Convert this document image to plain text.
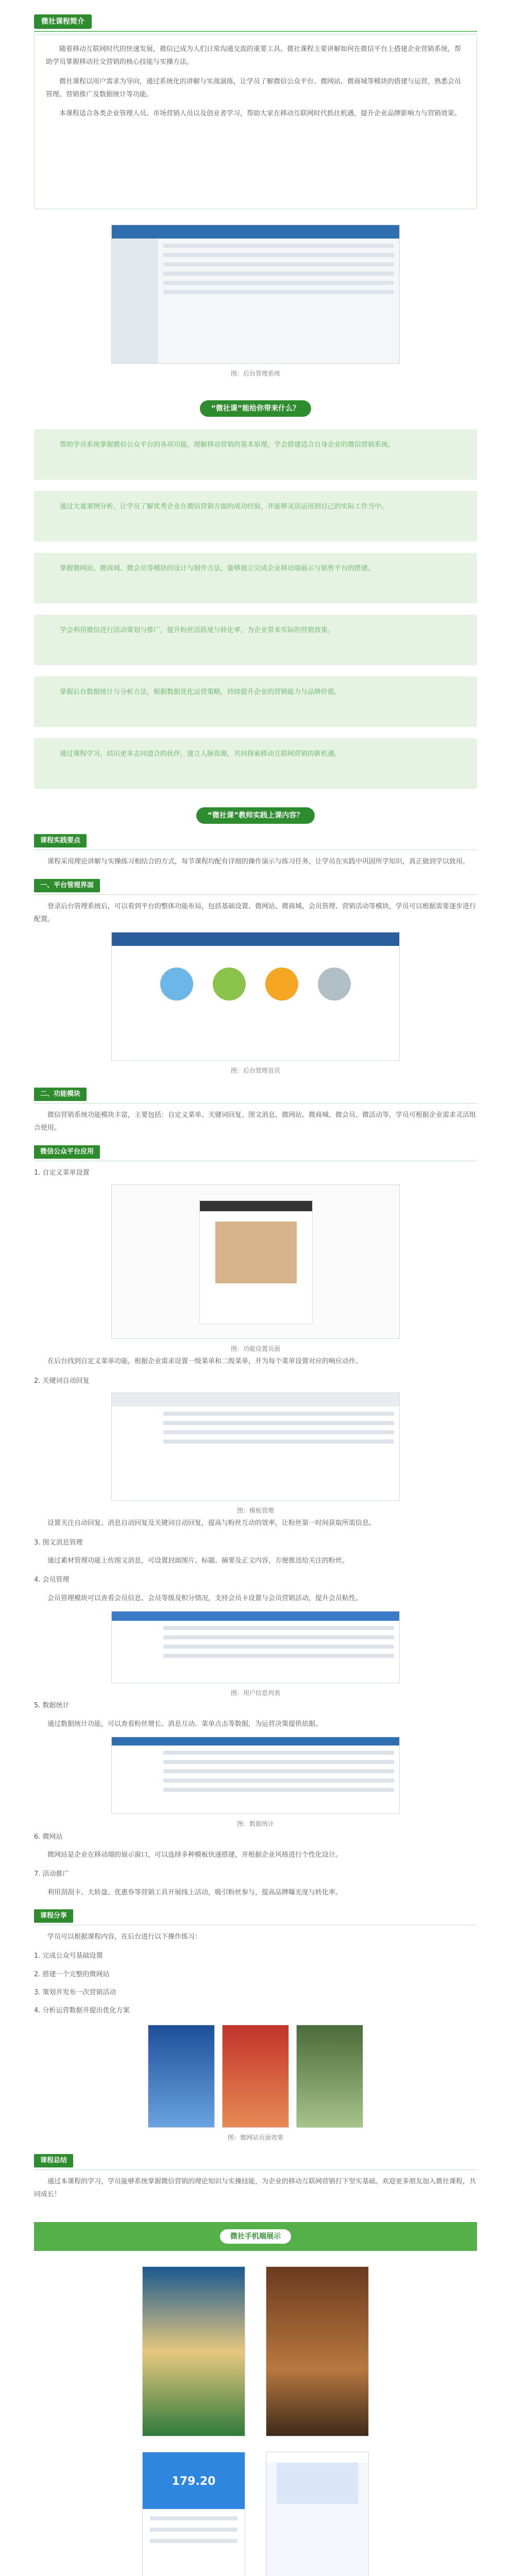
微社课程简介

随着移动互联网时代的快速发展，微信已成为人们日常沟通交流的重要工具。微社课程主要讲解如何在微信平台上搭建企业营销系统，帮助学员掌握移动社交营销的核心技能与实操方法。

微社课程以用户需求为导向，通过系统化的讲解与实战演练，让学员了解微信公众平台、微网站、微商城等模块的搭建与运营，熟悉会员管理、营销推广及数据统计等功能。

本课程适合各类企业管理人员、市场营销人员以及创业者学习，帮助大家在移动互联网时代抓住机遇，提升企业品牌影响力与营销效果。

图：后台管理系统
“微社课”能给你带来什么？

帮助学员系统掌握微信公众平台的各项功能，理解移动营销的基本原理，学会搭建适合自身企业的微信营销系统。

通过大量案例分析，让学员了解优秀企业在微信营销方面的成功经验，并能够灵活运用到自己的实际工作当中。

掌握微网站、微商城、微会员等模块的设计与制作方法，能够独立完成企业移动端展示与销售平台的搭建。

学会利用微信进行活动策划与推广，提升粉丝活跃度与转化率，为企业带来实际的营销效果。

掌握后台数据统计与分析方法，根据数据优化运营策略，持续提升企业的营销能力与品牌价值。

通过课程学习，结识更多志同道合的伙伴，建立人脉资源，共同探索移动互联网营销的新机遇。

“微社课”教师实践上课内容？
课程实践要点

课程采用理论讲解与实操练习相结合的方式，每节课程均配有详细的操作演示与练习任务，让学员在实践中巩固所学知识，真正做到学以致用。

一、平台管理界面

登录后台管理系统后，可以看到平台的整体功能布局，包括基础设置、微网站、微商城、会员管理、营销活动等模块，学员可以根据需要逐步进行配置。

图：后台管理首页
二、功能模块

微信营销系统功能模块丰富，主要包括：自定义菜单、关键词回复、图文消息、微网站、微商城、微会员、微活动等，学员可根据企业需求灵活组合使用。

微信公众平台应用

1. 自定义菜单设置

图：功能设置页面

在后台找到自定义菜单功能，根据企业需求设置一级菜单和二级菜单，并为每个菜单设置对应的响应动作。

2. 关键词自动回复

图：模板管理

设置关注自动回复、消息自动回复及关键词自动回复，提高与粉丝互动的效率，让粉丝第一时间获取所需信息。

3. 图文消息管理

通过素材管理功能上传图文消息，可设置封面图片、标题、摘要及正文内容，方便推送给关注的粉丝。

4. 会员管理

会员管理模块可以查看会员信息、会员等级及积分情况，支持会员卡设置与会员营销活动，提升会员粘性。

图：用户信息列表

5. 数据统计

通过数据统计功能，可以查看粉丝增长、消息互动、菜单点击等数据，为运营决策提供依据。

图：数据统计

6. 微网站

微网站是企业在移动端的展示窗口，可以选择多种模板快速搭建，并根据企业风格进行个性化设计。

7. 活动推广

利用刮刮卡、大转盘、优惠券等营销工具开展线上活动，吸引粉丝参与，提高品牌曝光度与转化率。

课程分享

学员可以根据课程内容，在后台进行以下操作练习：

1. 完成公众号基础设置

2. 搭建一个完整的微网站

3. 策划并发布一次营销活动

4. 分析运营数据并提出优化方案

图：微网站页面效果
课程总结

通过本课程的学习，学员能够系统掌握微信营销的理论知识与实操技能，为企业的移动互联网营销打下坚实基础。欢迎更多朋友加入微社课程，共同成长！

微社手机端展示
179.20
